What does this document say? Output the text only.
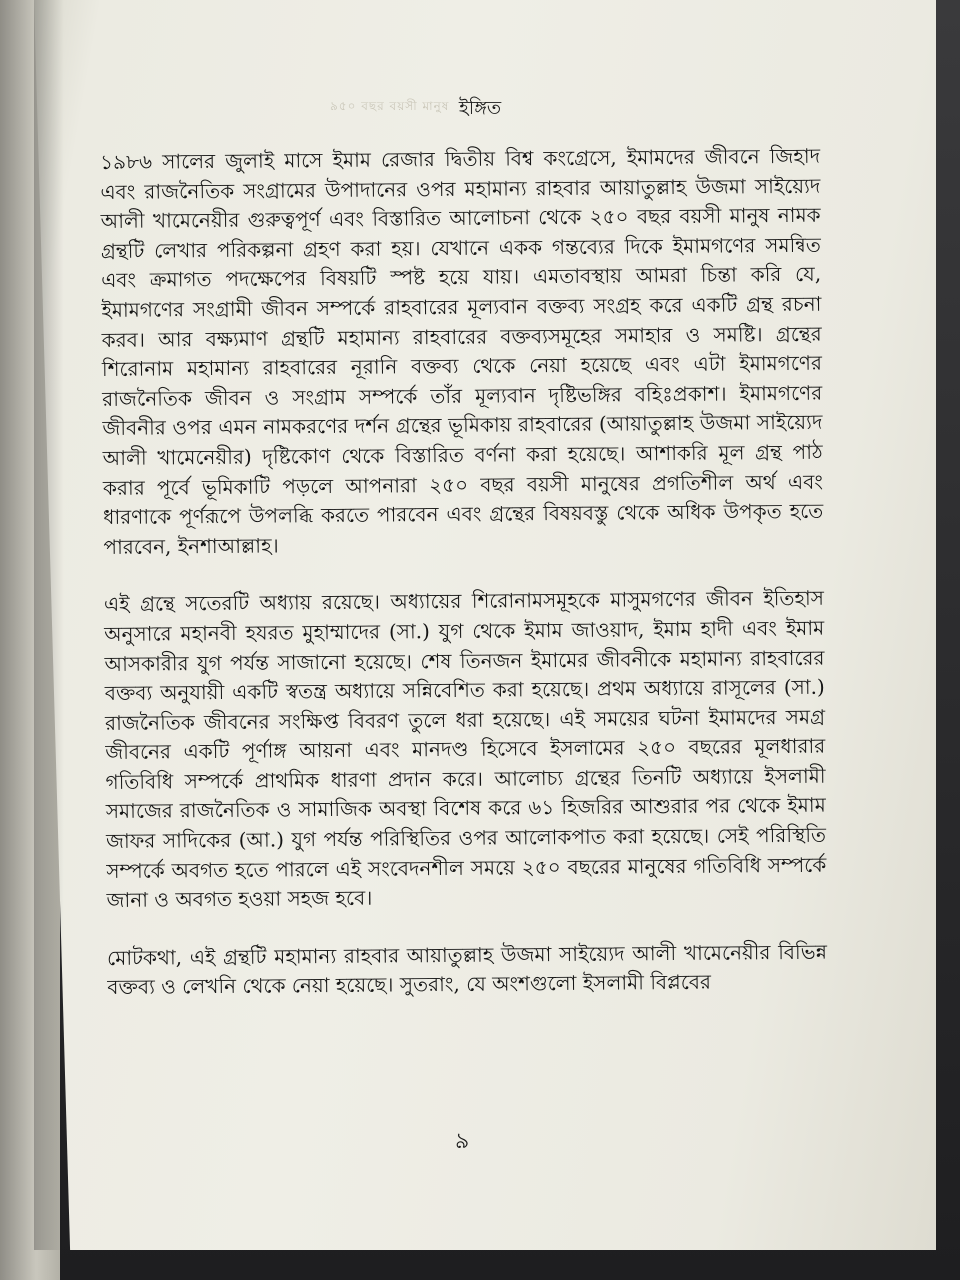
৯৫০ বছর বয়সী মানুষ ইঙ্গিত

১৯৮৬ সালের জুলাই মাসে ইমাম রেজার দ্বিতীয় বিশ্ব কংগ্রেসে, ইমামদের জীবনে জিহাদ এবং রাজনৈতিক সংগ্রামের উপাদানের ওপর মহামান্য রাহবার আয়াতুল্লাহ উজমা সাইয়্যেদ আলী খামেনেয়ীর গুরুত্বপূর্ণ এবং বিস্তারিত আলোচনা থেকে ২৫০ বছর বয়সী মানুষ নামক গ্রন্থটি লেখার পরিকল্পনা গ্রহণ করা হয়। যেখানে একক গন্তব্যের দিকে ইমামগণের সমন্বিত এবং ক্রমাগত পদক্ষেপের বিষয়টি স্পষ্ট হয়ে যায়। এমতাবস্থায় আমরা চিন্তা করি যে, ইমামগণের সংগ্রামী জীবন সম্পর্কে রাহবারের মূল্যবান বক্তব্য সংগ্রহ করে একটি গ্রন্থ রচনা করব। আর বক্ষ্যমাণ গ্রন্থটি মহামান্য রাহবারের বক্তব্যসমূহের সমাহার ও সমষ্টি। গ্রন্থের শিরোনাম মহামান্য রাহবারের নূরানি বক্তব্য থেকে নেয়া হয়েছে এবং এটা ইমামগণের রাজনৈতিক জীবন ও সংগ্রাম সম্পর্কে তাঁর মূল্যবান দৃষ্টিভঙ্গির বহিঃপ্রকাশ। ইমামগণের জীবনীর ওপর এমন নামকরণের দর্শন গ্রন্থের ভূমিকায় রাহবারের (আয়াতুল্লাহ উজমা সাইয়্যেদ আলী খামেনেয়ীর) দৃষ্টিকোণ থেকে বিস্তারিত বর্ণনা করা হয়েছে। আশাকরি মূল গ্রন্থ পাঠ করার পূর্বে ভূমিকাটি পড়লে আপনারা ২৫০ বছর বয়সী মানুষের প্রগতিশীল অর্থ এবং ধারণাকে পূর্ণরূপে উপলব্ধি করতে পারবেন এবং গ্রন্থের বিষয়বস্তু থেকে অধিক উপকৃত হতে পারবেন, ইনশাআল্লাহ।

এই গ্রন্থে সতেরটি অধ্যায় রয়েছে। অধ্যায়ের শিরোনামসমূহকে মাসুমগণের জীবন ইতিহাস অনুসারে মহানবী হযরত মুহাম্মাদের (সা.) যুগ থেকে ইমাম জাওয়াদ, ইমাম হাদী এবং ইমাম আসকারীর যুগ পর্যন্ত সাজানো হয়েছে। শেষ তিনজন ইমামের জীবনীকে মহামান্য রাহবারের বক্তব্য অনুযায়ী একটি স্বতন্ত্র অধ্যায়ে সন্নিবেশিত করা হয়েছে। প্রথম অধ্যায়ে রাসূলের (সা.) রাজনৈতিক জীবনের সংক্ষিপ্ত বিবরণ তুলে ধরা হয়েছে। এই সময়ের ঘটনা ইমামদের সমগ্র জীবনের একটি পূর্ণাঙ্গ আয়না এবং মানদণ্ড হিসেবে ইসলামের ২৫০ বছরের মূলধারার গতিবিধি সম্পর্কে প্রাথমিক ধারণা প্রদান করে। আলোচ্য গ্রন্থের তিনটি অধ্যায়ে ইসলামী সমাজের রাজনৈতিক ও সামাজিক অবস্থা বিশেষ করে ৬১ হিজরির আশুরার পর থেকে ইমাম জাফর সাদিকের (আ.) যুগ পর্যন্ত পরিস্থিতির ওপর আলোকপাত করা হয়েছে। সেই পরিস্থিতি সম্পর্কে অবগত হতে পারলে এই সংবেদনশীল সময়ে ২৫০ বছরের মানুষের গতিবিধি সম্পর্কে জানা ও অবগত হওয়া সহজ হবে।

মোটকথা, এই গ্রন্থটি মহামান্য রাহবার আয়াতুল্লাহ উজমা সাইয়্যেদ আলী খামেনেয়ীর বিভিন্ন বক্তব্য ও লেখনি থেকে নেয়া হয়েছে। সুতরাং, যে অংশগুলো ইসলামী বিপ্লবের

৯
